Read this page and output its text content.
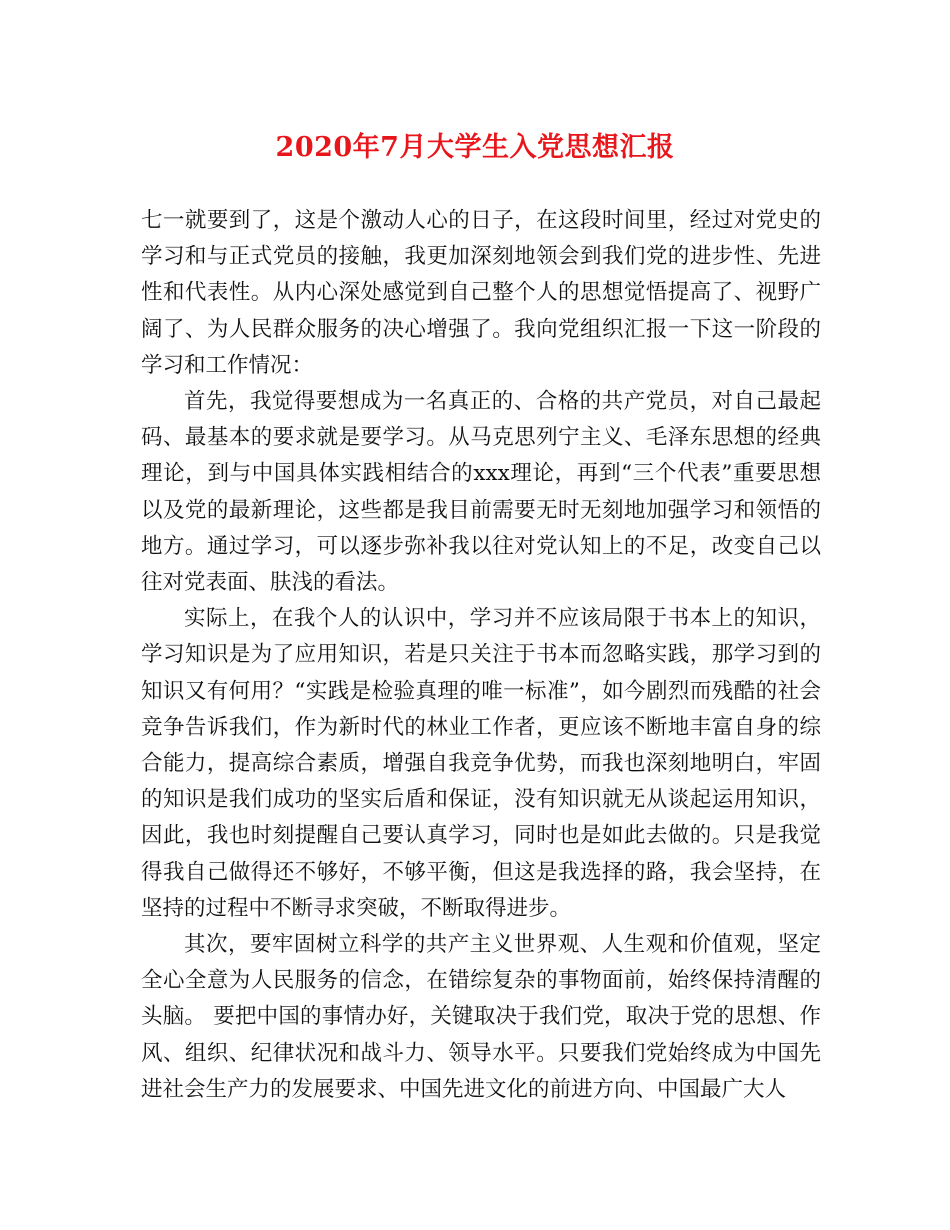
2020年7月大学生入党思想汇报

七一就要到了，这是个激动人心的日子，在这段时间里，经过对党史的学习和与正式党员的接触，我更加深刻地领会到我们党的进步性、先进性和代表性。从内心深处感觉到自己整个人的思想觉悟提高了、视野广阔了、为人民群众服务的决心增强了。我向党组织汇报一下这一阶段的学习和工作情况：

首先，我觉得要想成为一名真正的、合格的共产党员，对自己最起码、最基本的要求就是要学习。从马克思列宁主义、毛泽东思想的经典理论，到与中国具体实践相结合的xxx理论，再到“三个代表”重要思想以及党的最新理论，这些都是我目前需要无时无刻地加强学习和领悟的地方。通过学习，可以逐步弥补我以往对党认知上的不足，改变自己以往对党表面、肤浅的看法。

实际上，在我个人的认识中，学习并不应该局限于书本上的知识，学习知识是为了应用知识，若是只关注于书本而忽略实践，那学习到的知识又有何用？“实践是检验真理的唯一标准”，如今剧烈而残酷的社会竞争告诉我们，作为新时代的林业工作者，更应该不断地丰富自身的综合能力，提高综合素质，增强自我竞争优势，而我也深刻地明白，牢固的知识是我们成功的坚实后盾和保证，没有知识就无从谈起运用知识，因此，我也时刻提醒自己要认真学习，同时也是如此去做的。只是我觉得我自己做得还不够好，不够平衡，但这是我选择的路，我会坚持，在坚持的过程中不断寻求突破，不断取得进步。

其次，要牢固树立科学的共产主义世界观、人生观和价值观，坚定全心全意为人民服务的信念，在错综复杂的事物面前，始终保持清醒的头脑。 要把中国的事情办好，关键取决于我们党，取决于党的思想、作风、组织、纪律状况和战斗力、领导水平。只要我们党始终成为中国先进社会生产力的发展要求、中国先进文化的前进方向、中国最广大人
